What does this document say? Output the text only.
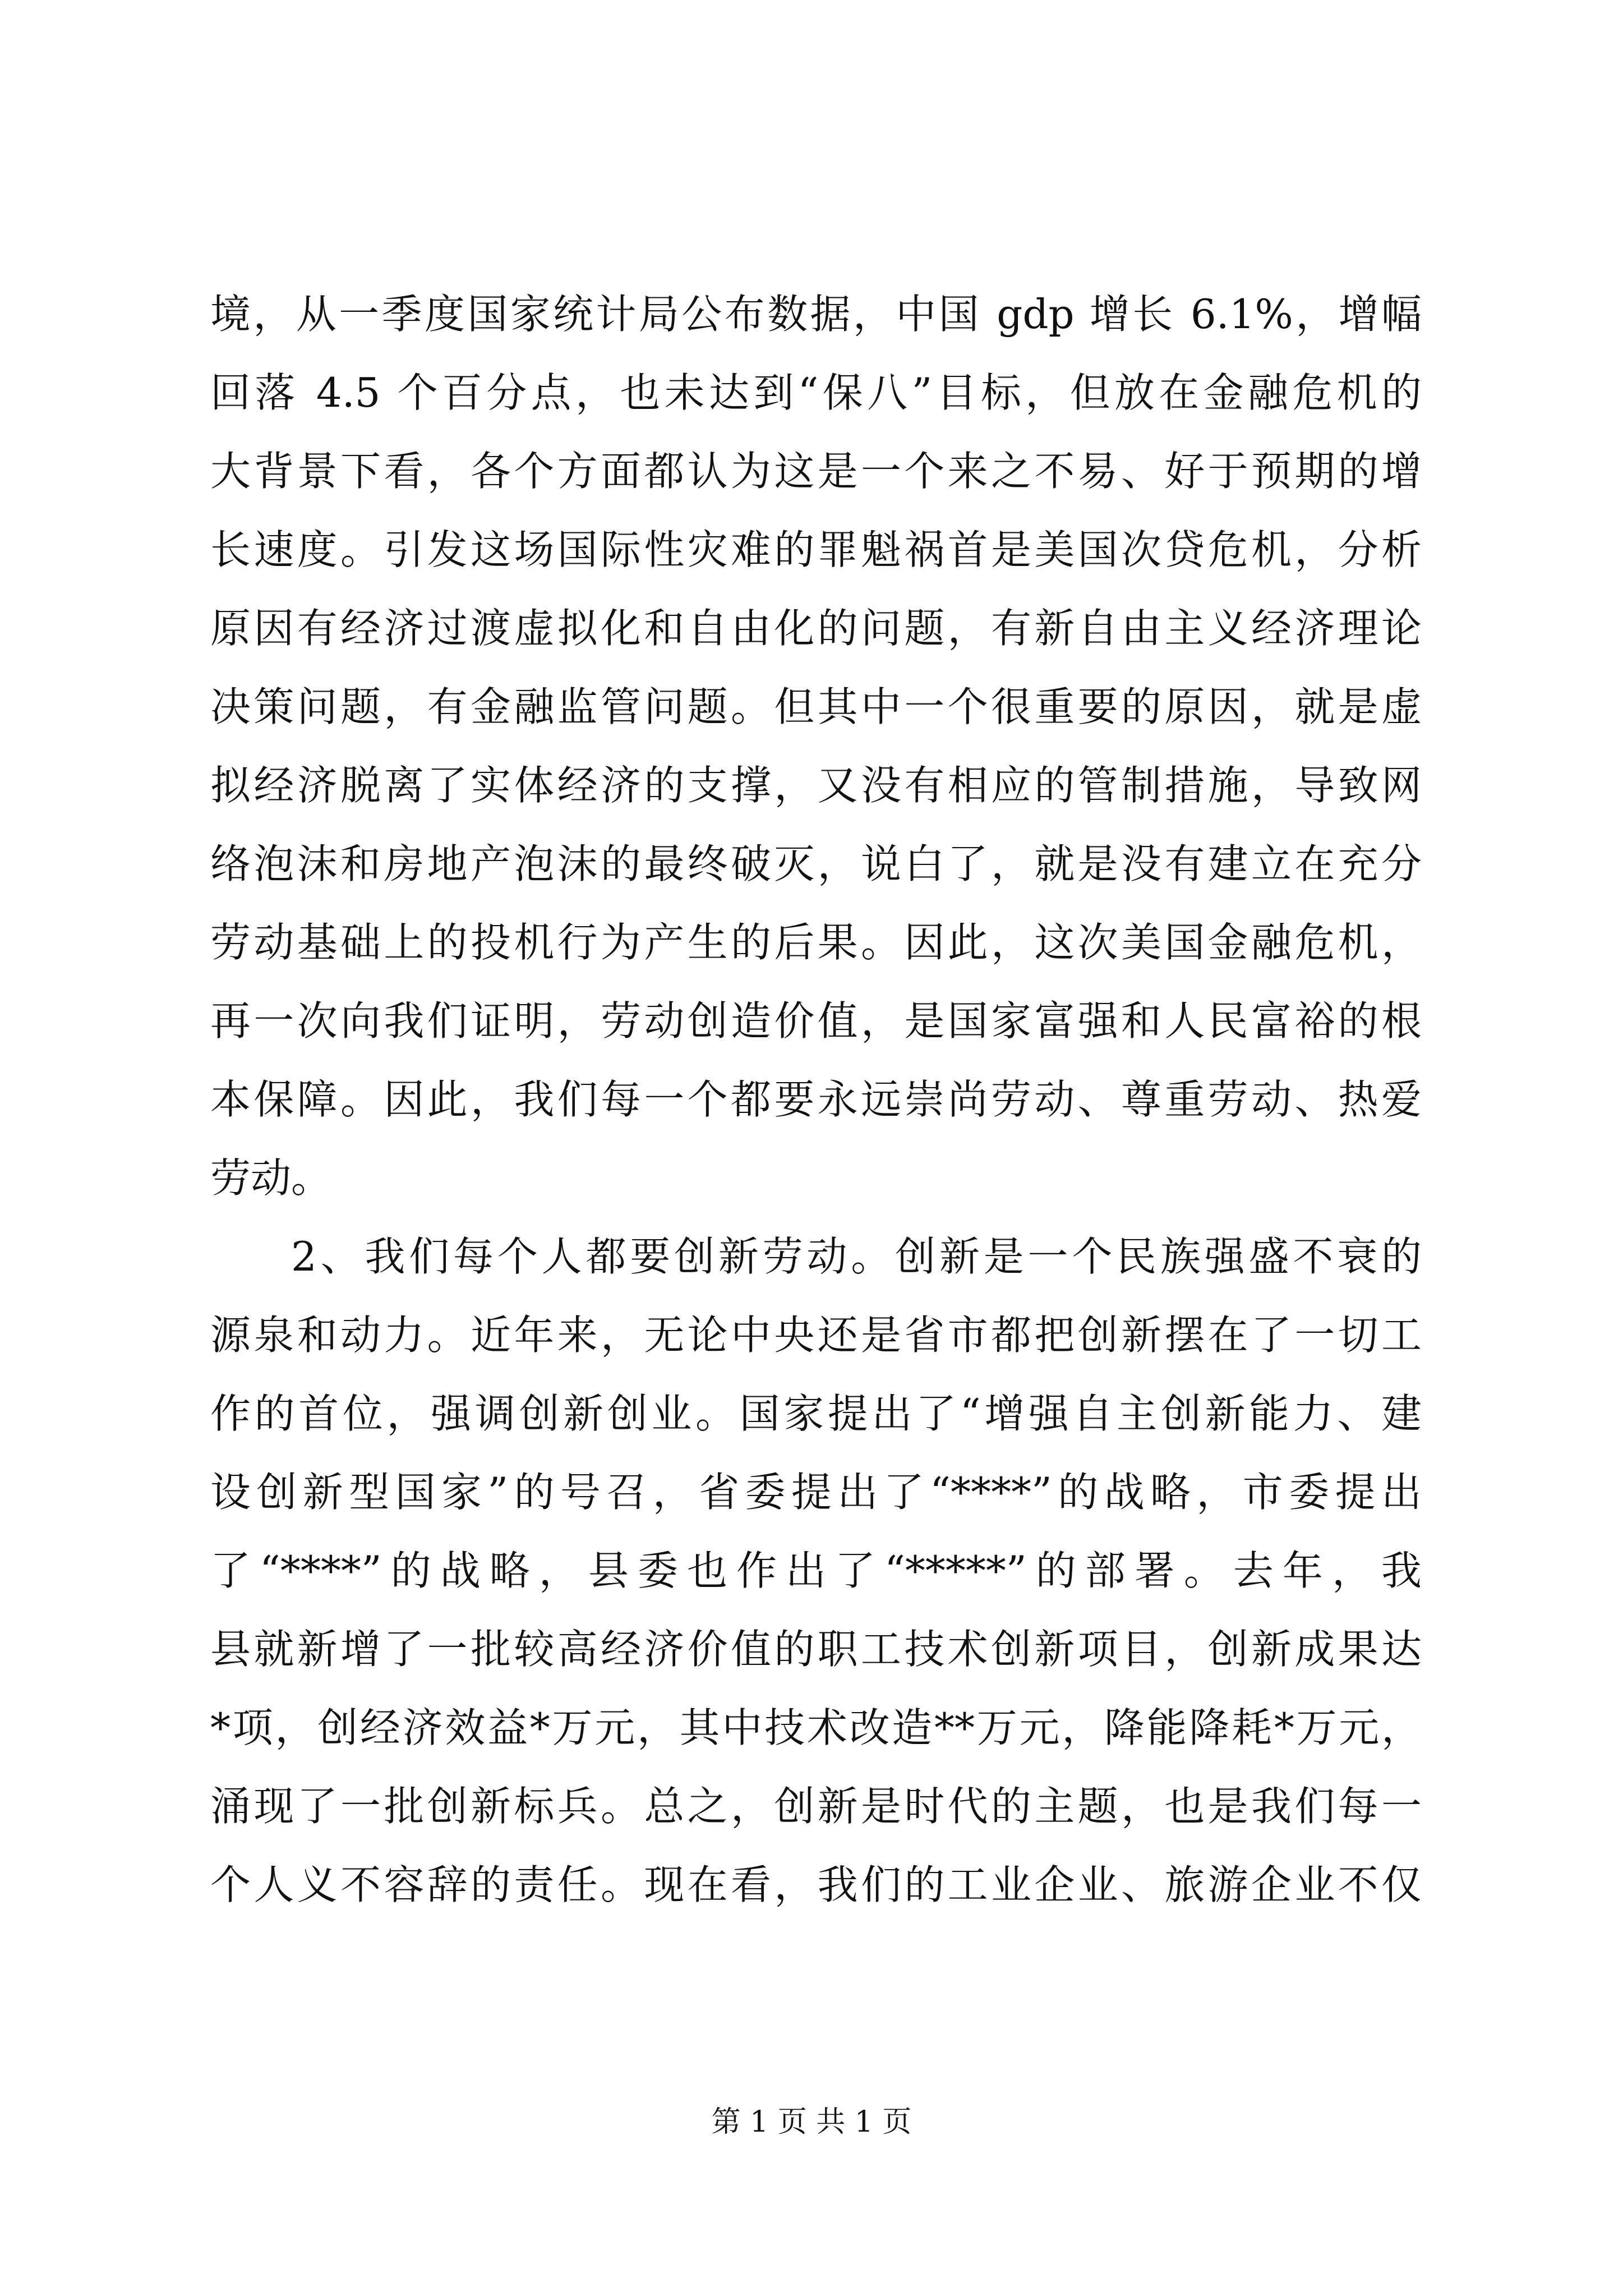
境，从一季度国家统计局公布数据，中国 gdp 增长 6.1%，增幅
回落 4.5 个百分点，也未达到“保八”目标，但放在金融危机的
大背景下看，各个方面都认为这是一个来之不易、好于预期的增
长速度。引发这场国际性灾难的罪魁祸首是美国次贷危机，分析
原因有经济过渡虚拟化和自由化的问题，有新自由主义经济理论
决策问题，有金融监管问题。但其中一个很重要的原因，就是虚
拟经济脱离了实体经济的支撑，又没有相应的管制措施，导致网
络泡沫和房地产泡沫的最终破灭，说白了，就是没有建立在充分
劳动基础上的投机行为产生的后果。因此，这次美国金融危机，
再一次向我们证明，劳动创造价值，是国家富强和人民富裕的根
本保障。因此，我们每一个都要永远崇尚劳动、尊重劳动、热爱
劳动。
2、我们每个人都要创新劳动。创新是一个民族强盛不衰的
源泉和动力。近年来，无论中央还是省市都把创新摆在了一切工
作的首位，强调创新创业。国家提出了“增强自主创新能力、建
设创新型国家”的号召，省委提出了“****”的战略，市委提出
了“****”的战略，县委也作出了“*****”的部署。去年，我
县就新增了一批较高经济价值的职工技术创新项目，创新成果达
*项，创经济效益*万元，其中技术改造**万元，降能降耗*万元，
涌现了一批创新标兵。总之，创新是时代的主题，也是我们每一
个人义不容辞的责任。现在看，我们的工业企业、旅游企业不仅
第 1 页 共 1 页
